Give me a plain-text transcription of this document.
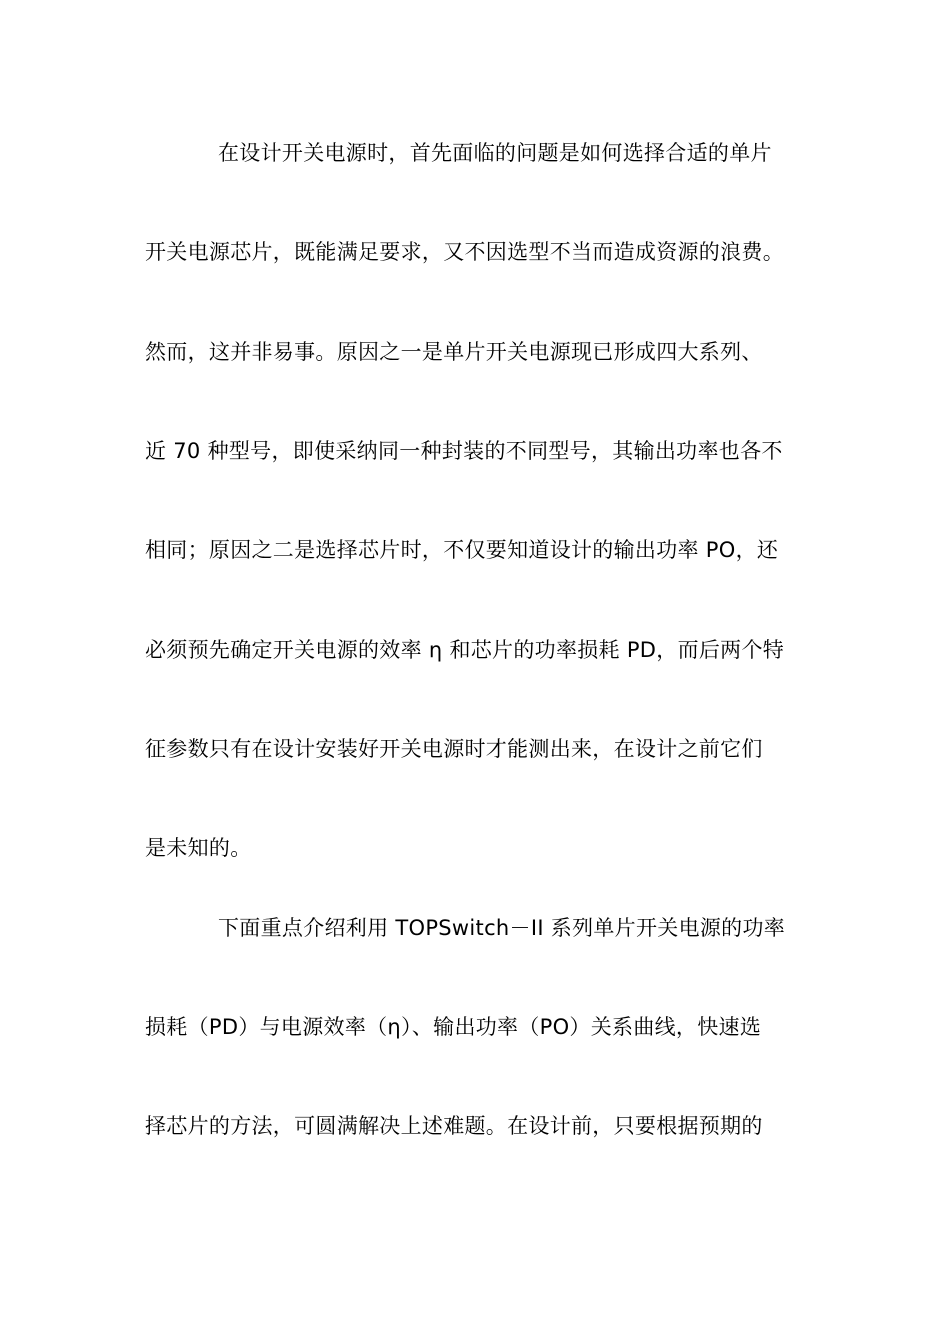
在设计开关电源时，首先面临的问题是如何选择合适的单片
开关电源芯片，既能满足要求，又不因选型不当而造成资源的浪费。
然而，这并非易事。原因之一是单片开关电源现已形成四大系列、
近 70 种型号，即使采纳同一种封装的不同型号，其输出功率也各不
相同；原因之二是选择芯片时，不仅要知道设计的输出功率 PO，还
必须预先确定开关电源的效率 η 和芯片的功率损耗 PD，而后两个特
征参数只有在设计安装好开关电源时才能测出来，在设计之前它们
是未知的。
下面重点介绍利用 TOPSwitch－II 系列单片开关电源的功率
损耗（PD）与电源效率（η）、输出功率（PO）关系曲线，快速选
择芯片的方法，可圆满解决上述难题。在设计前，只要根据预期的
